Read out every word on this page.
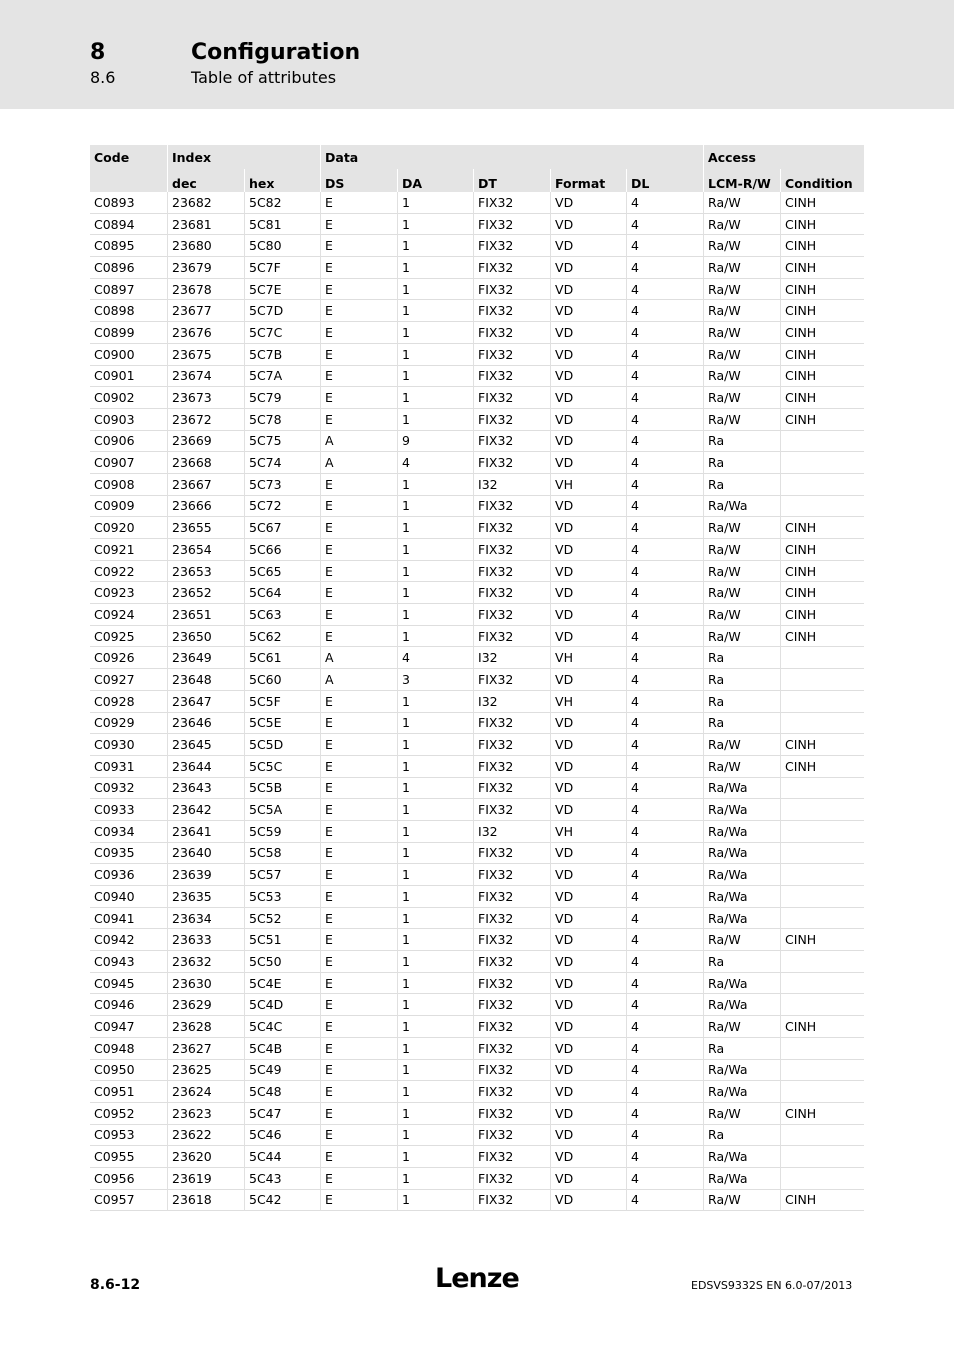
8	Configuration
8.6	Table of attributes
Code	Index		Data					Access	
	dec	hex	DS	DA	DT	Format	DL	LCM-R/W	Condition
C0893	23682	5C82	E	1	FIX32	VD	4	Ra/W	CINH
C0894	23681	5C81	E	1	FIX32	VD	4	Ra/W	CINH
C0895	23680	5C80	E	1	FIX32	VD	4	Ra/W	CINH
C0896	23679	5C7F	E	1	FIX32	VD	4	Ra/W	CINH
C0897	23678	5C7E	E	1	FIX32	VD	4	Ra/W	CINH
C0898	23677	5C7D	E	1	FIX32	VD	4	Ra/W	CINH
C0899	23676	5C7C	E	1	FIX32	VD	4	Ra/W	CINH
C0900	23675	5C7B	E	1	FIX32	VD	4	Ra/W	CINH
C0901	23674	5C7A	E	1	FIX32	VD	4	Ra/W	CINH
C0902	23673	5C79	E	1	FIX32	VD	4	Ra/W	CINH
C0903	23672	5C78	E	1	FIX32	VD	4	Ra/W	CINH
C0906	23669	5C75	A	9	FIX32	VD	4	Ra	
C0907	23668	5C74	A	4	FIX32	VD	4	Ra	
C0908	23667	5C73	E	1	I32	VH	4	Ra	
C0909	23666	5C72	E	1	FIX32	VD	4	Ra/Wa	
C0920	23655	5C67	E	1	FIX32	VD	4	Ra/W	CINH
C0921	23654	5C66	E	1	FIX32	VD	4	Ra/W	CINH
C0922	23653	5C65	E	1	FIX32	VD	4	Ra/W	CINH
C0923	23652	5C64	E	1	FIX32	VD	4	Ra/W	CINH
C0924	23651	5C63	E	1	FIX32	VD	4	Ra/W	CINH
C0925	23650	5C62	E	1	FIX32	VD	4	Ra/W	CINH
C0926	23649	5C61	A	4	I32	VH	4	Ra	
C0927	23648	5C60	A	3	FIX32	VD	4	Ra	
C0928	23647	5C5F	E	1	I32	VH	4	Ra	
C0929	23646	5C5E	E	1	FIX32	VD	4	Ra	
C0930	23645	5C5D	E	1	FIX32	VD	4	Ra/W	CINH
C0931	23644	5C5C	E	1	FIX32	VD	4	Ra/W	CINH
C0932	23643	5C5B	E	1	FIX32	VD	4	Ra/Wa	
C0933	23642	5C5A	E	1	FIX32	VD	4	Ra/Wa	
C0934	23641	5C59	E	1	I32	VH	4	Ra/Wa	
C0935	23640	5C58	E	1	FIX32	VD	4	Ra/Wa	
C0936	23639	5C57	E	1	FIX32	VD	4	Ra/Wa	
C0940	23635	5C53	E	1	FIX32	VD	4	Ra/Wa	
C0941	23634	5C52	E	1	FIX32	VD	4	Ra/Wa	
C0942	23633	5C51	E	1	FIX32	VD	4	Ra/W	CINH
C0943	23632	5C50	E	1	FIX32	VD	4	Ra	
C0945	23630	5C4E	E	1	FIX32	VD	4	Ra/Wa	
C0946	23629	5C4D	E	1	FIX32	VD	4	Ra/Wa	
C0947	23628	5C4C	E	1	FIX32	VD	4	Ra/W	CINH
C0948	23627	5C4B	E	1	FIX32	VD	4	Ra	
C0950	23625	5C49	E	1	FIX32	VD	4	Ra/Wa	
C0951	23624	5C48	E	1	FIX32	VD	4	Ra/Wa	
C0952	23623	5C47	E	1	FIX32	VD	4	Ra/W	CINH
C0953	23622	5C46	E	1	FIX32	VD	4	Ra	
C0955	23620	5C44	E	1	FIX32	VD	4	Ra/Wa	
C0956	23619	5C43	E	1	FIX32	VD	4	Ra/Wa	
C0957	23618	5C42	E	1	FIX32	VD	4	Ra/W	CINH
8.6-12	Lenze	EDSVS9332S EN 6.0-07/2013
